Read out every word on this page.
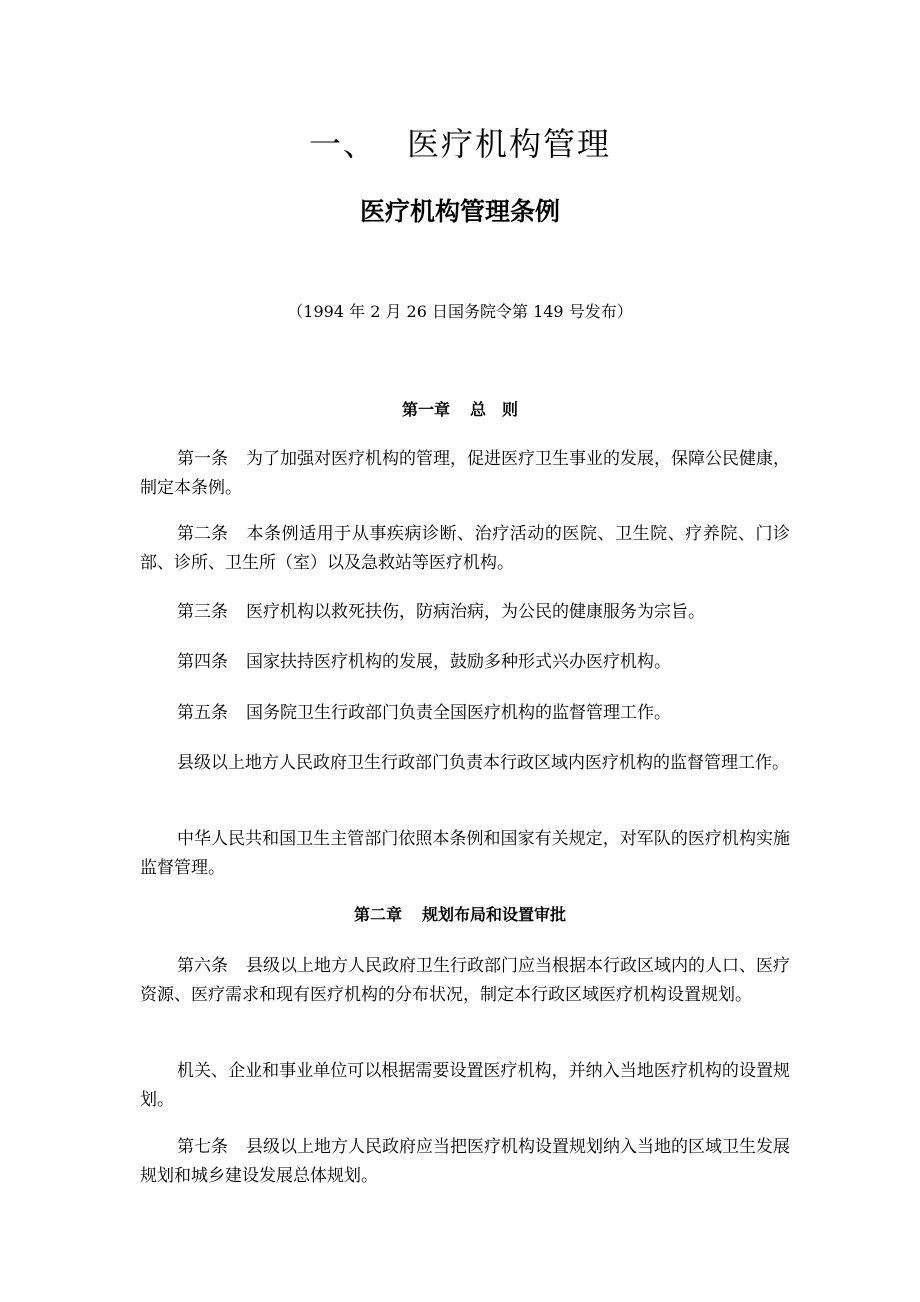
一、 医疗机构管理
医疗机构管理条例
（1994 年 2 月 26 日国务院令第 149 号发布）
第一章 总　则
第一条 为了加强对医疗机构的管理，促进医疗卫生事业的发展，保障公民健康，制定本条例。
第二条 本条例适用于从事疾病诊断、治疗活动的医院、卫生院、疗养院、门诊部、诊所、卫生所（室）以及急救站等医疗机构。
第三条 医疗机构以救死扶伤，防病治病，为公民的健康服务为宗旨。
第四条 国家扶持医疗机构的发展，鼓励多种形式兴办医疗机构。
第五条 国务院卫生行政部门负责全国医疗机构的监督管理工作。
县级以上地方人民政府卫生行政部门负责本行政区域内医疗机构的监督管理工作。
中华人民共和国卫生主管部门依照本条例和国家有关规定，对军队的医疗机构实施监督管理。
第二章 规划布局和设置审批
第六条 县级以上地方人民政府卫生行政部门应当根据本行政区域内的人口、医疗资源、医疗需求和现有医疗机构的分布状况，制定本行政区域医疗机构设置规划。
机关、企业和事业单位可以根据需要设置医疗机构，并纳入当地医疗机构的设置规划。
第七条 县级以上地方人民政府应当把医疗机构设置规划纳入当地的区域卫生发展规划和城乡建设发展总体规划。
